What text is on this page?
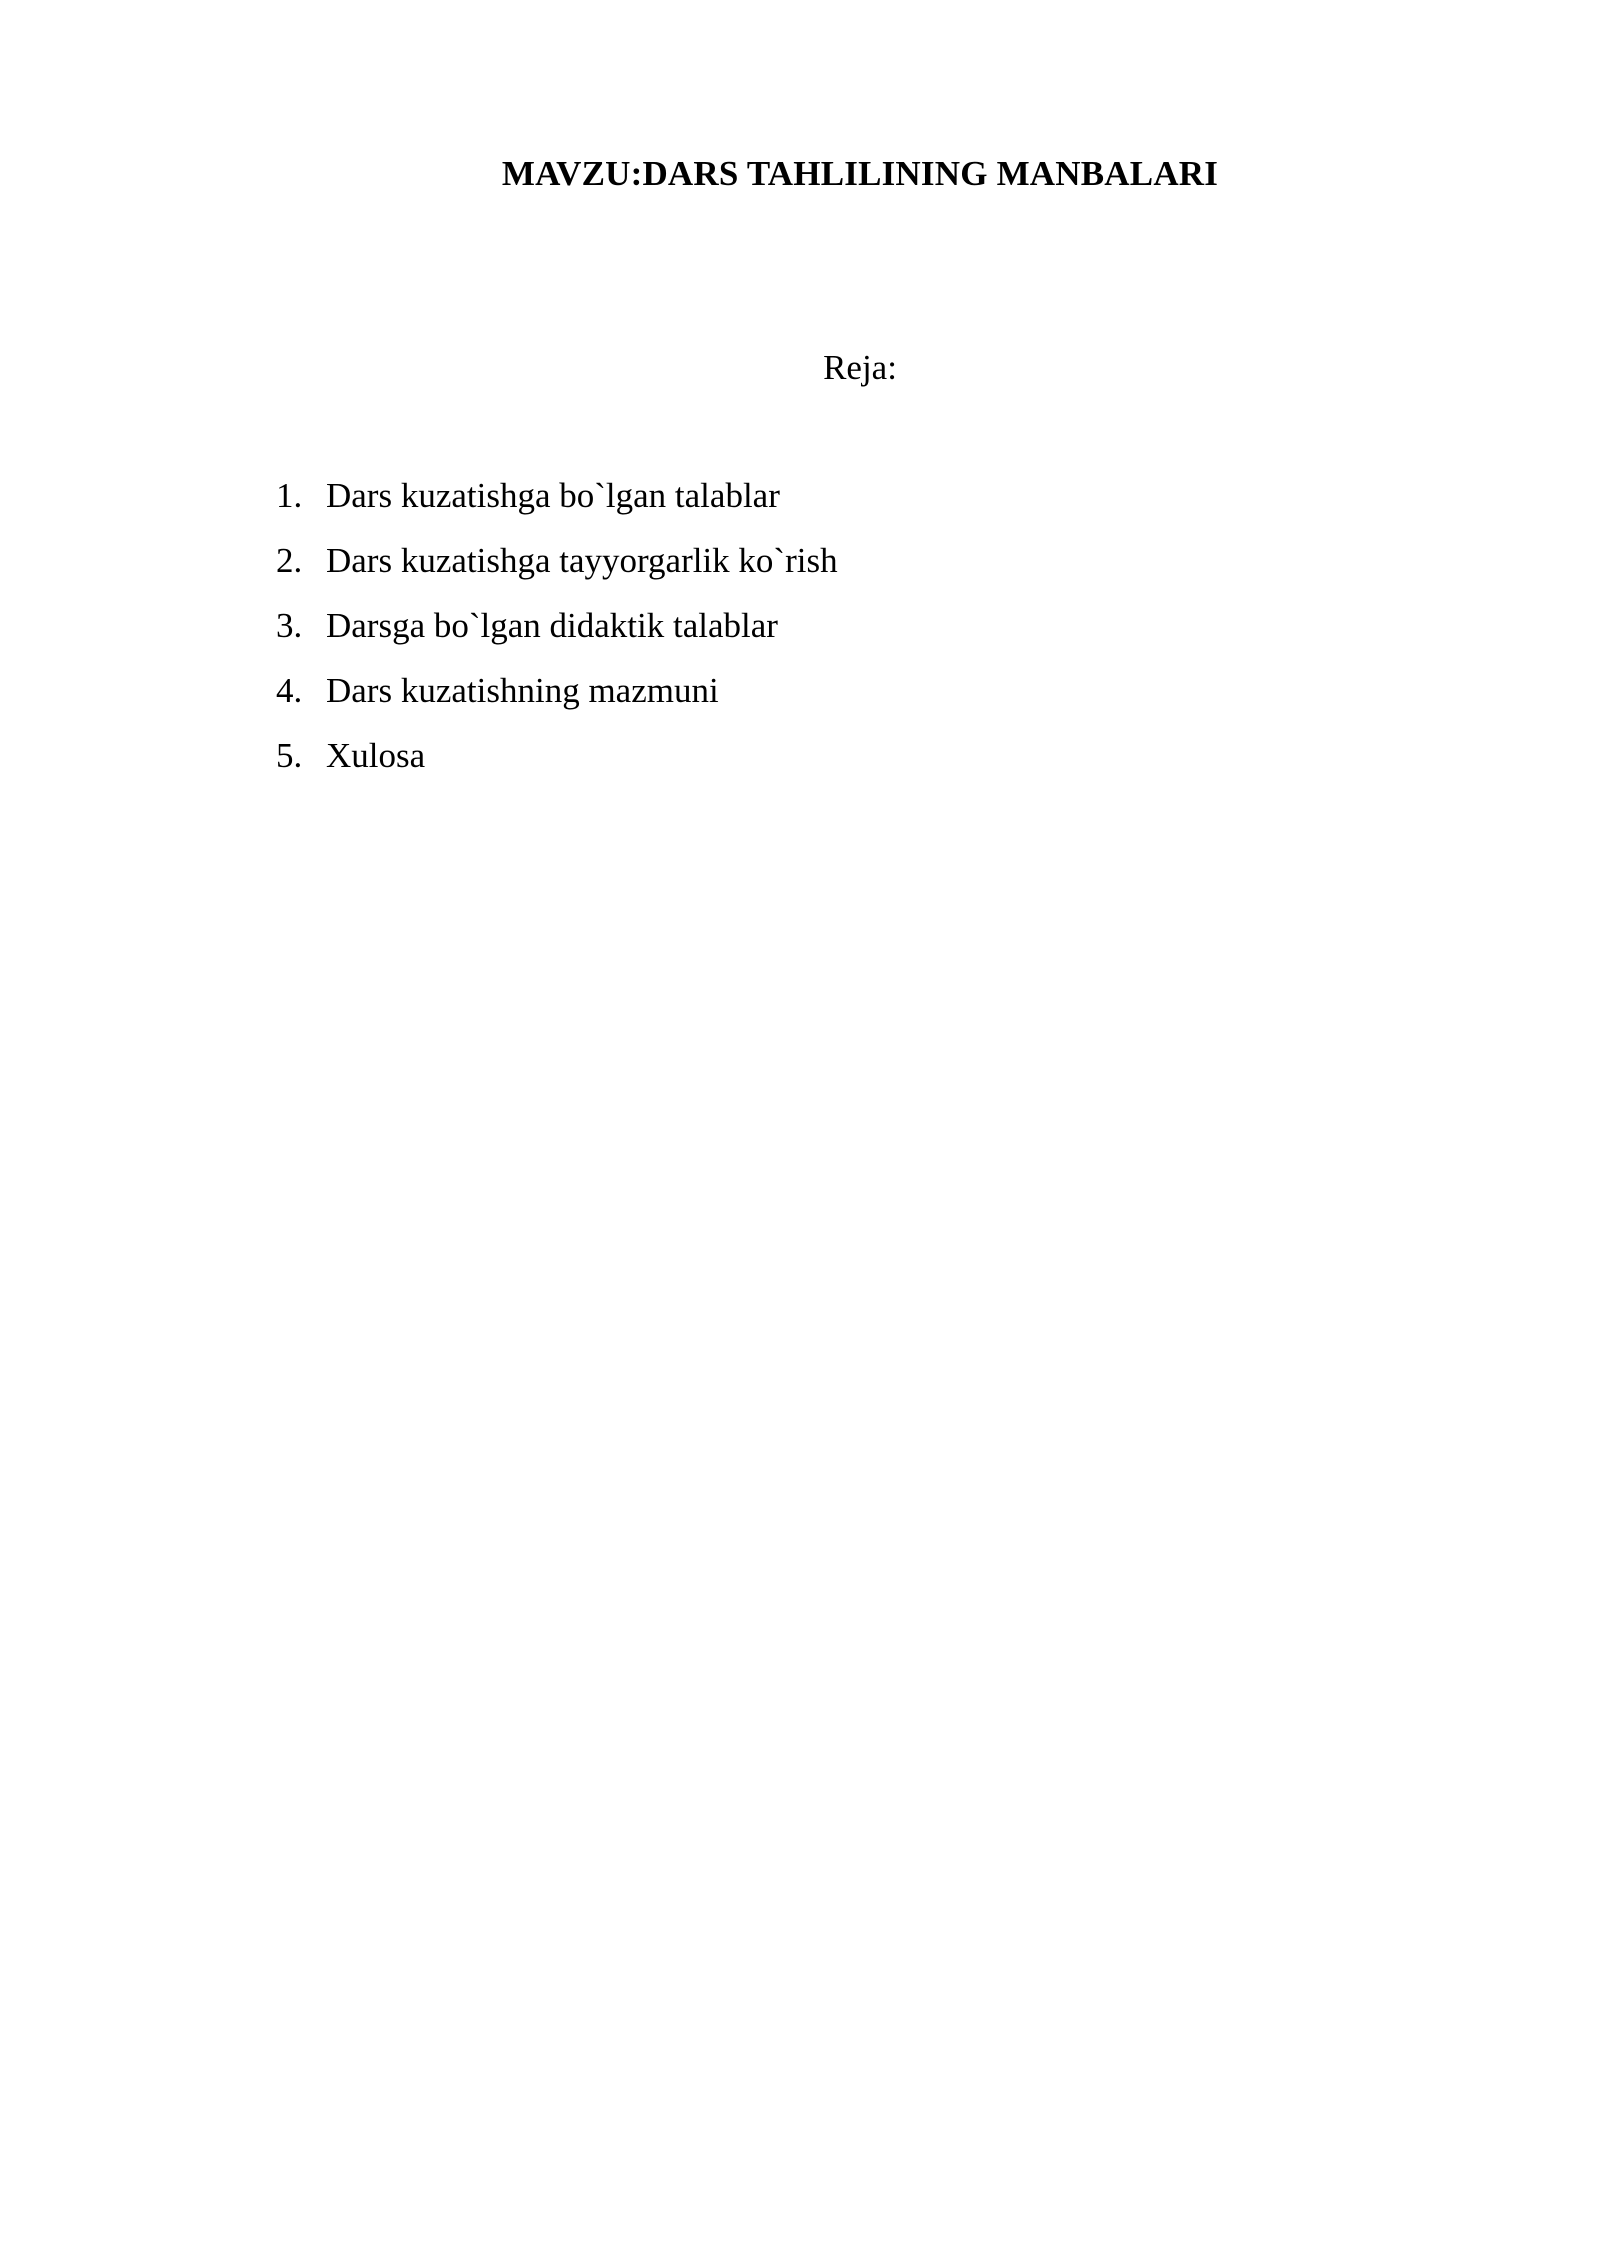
MAVZU:DARS TAHLILINING MANBALARI

Reja:

1. Dars kuzatishga bo`lgan talablar
2. Dars kuzatishga tayyorgarlik ko`rish
3. Darsga bo`lgan didaktik talablar
4. Dars kuzatishning mazmuni
5. Xulosa
